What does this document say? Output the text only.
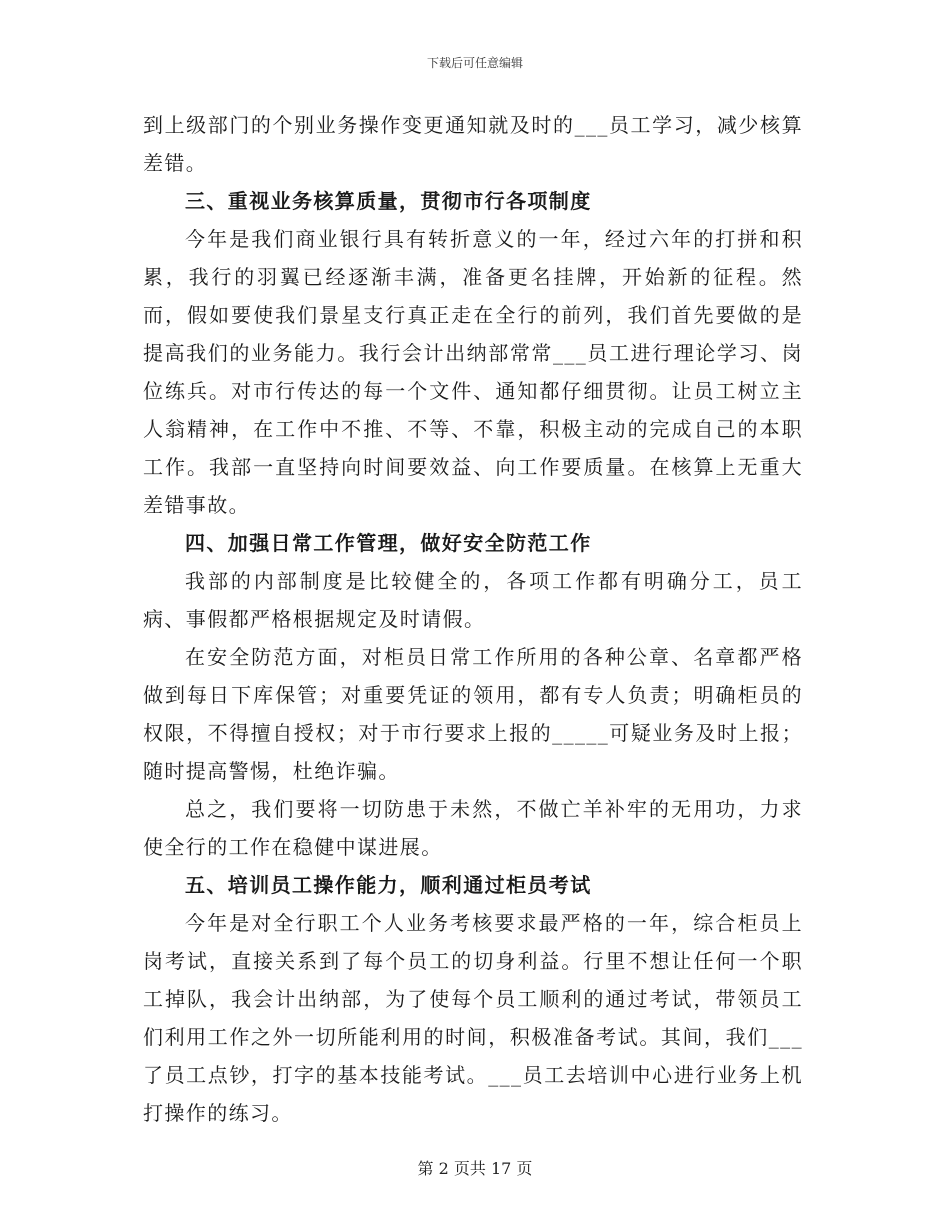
下载后可任意编辑

到上级部门的个别业务操作变更通知就及时的___员工学习，减少核算差错。

三、重视业务核算质量，贯彻市行各项制度

今年是我们商业银行具有转折意义的一年，经过六年的打拼和积累，我行的羽翼已经逐渐丰满，准备更名挂牌，开始新的征程。然而，假如要使我们景星支行真正走在全行的前列，我们首先要做的是提高我们的业务能力。我行会计出纳部常常___员工进行理论学习、岗位练兵。对市行传达的每一个文件、通知都仔细贯彻。让员工树立主人翁精神，在工作中不推、不等、不靠，积极主动的完成自己的本职工作。我部一直坚持向时间要效益、向工作要质量。在核算上无重大差错事故。

四、加强日常工作管理，做好安全防范工作

我部的内部制度是比较健全的，各项工作都有明确分工，员工病、事假都严格根据规定及时请假。

在安全防范方面，对柜员日常工作所用的各种公章、名章都严格做到每日下库保管；对重要凭证的领用，都有专人负责；明确柜员的权限，不得擅自授权；对于市行要求上报的_____可疑业务及时上报；随时提高警惕，杜绝诈骗。

总之，我们要将一切防患于未然，不做亡羊补牢的无用功，力求使全行的工作在稳健中谋进展。

五、培训员工操作能力，顺利通过柜员考试

今年是对全行职工个人业务考核要求最严格的一年，综合柜员上岗考试，直接关系到了每个员工的切身利益。行里不想让任何一个职工掉队，我会计出纳部，为了使每个员工顺利的通过考试，带领员工们利用工作之外一切所能利用的时间，积极准备考试。其间，我们___了员工点钞，打字的基本技能考试。___员工去培训中心进行业务上机打操作的练习。

第 2 页共 17 页
